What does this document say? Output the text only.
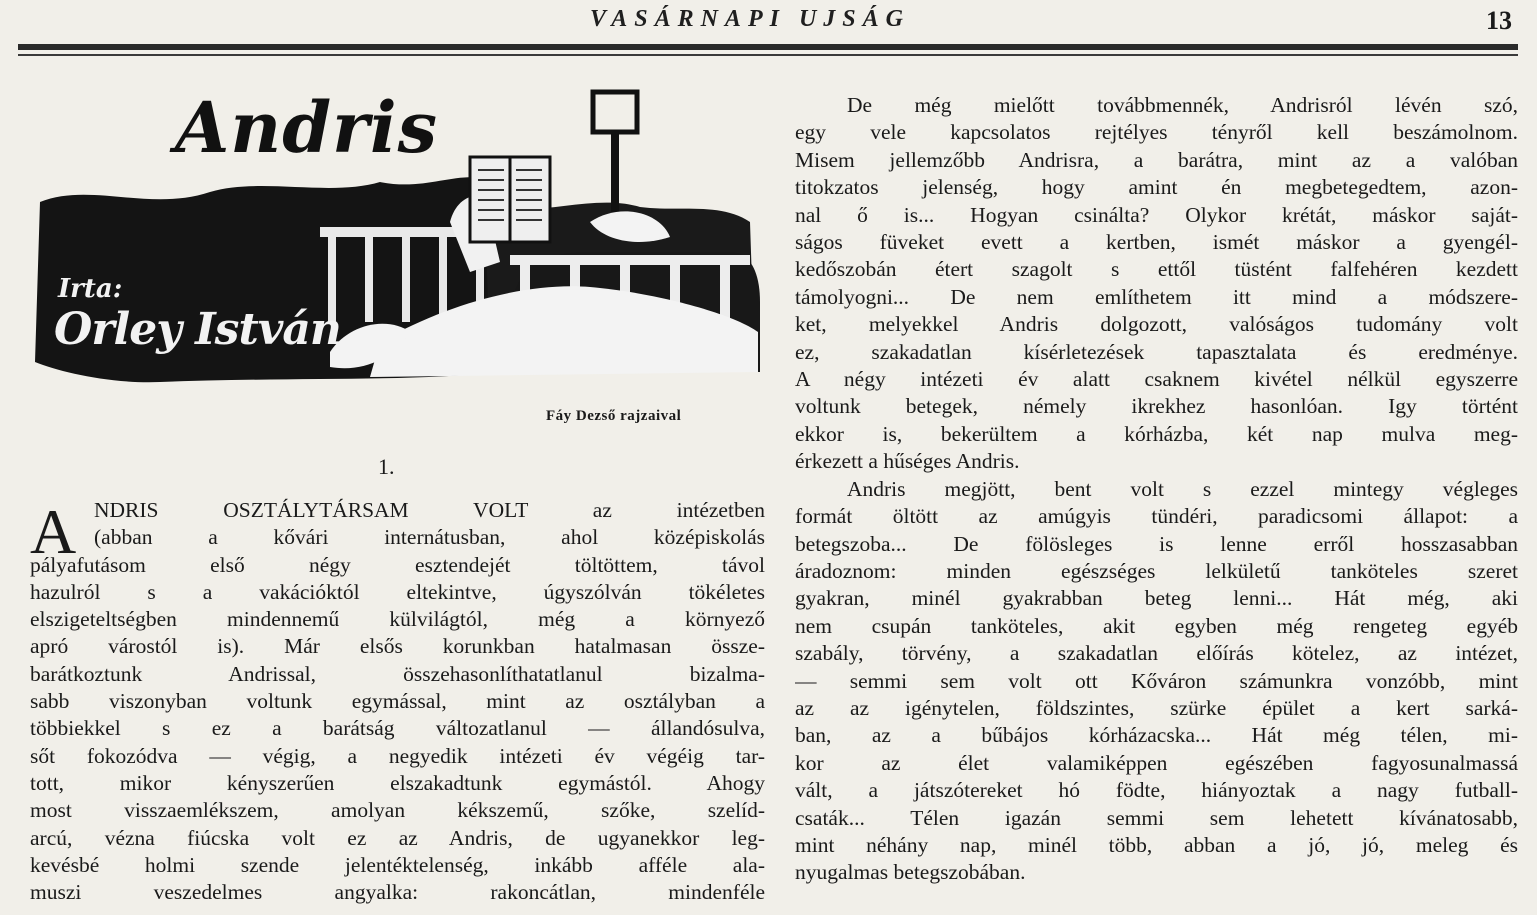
VASÁRNAPI UJSÁG	13
Andris
Irta:
Orley István
Fáy Dezső rajzaival
1.
A NDRIS OSZTÁLYTÁRSAM VOLT az intézetben
(abban a kővári internátusban, ahol középiskolás
pályafutásom első négy esztendejét töltöttem, távol
hazulról s a vakációktól eltekintve, úgyszólván tökéletes
elszigeteltségben mindennemű külvilágtól, még a környező
apró várostól is). Már elsős korunkban hatalmasan össze-
barátkoztunk Andrissal, összehasonlíthatatlanul bizalma-
sabb viszonyban voltunk egymással, mint az osztályban a
többiekkel s ez a barátság változatlanul — állandósulva,
sőt fokozódva — végig, a negyedik intézeti év végéig tar-
tott, mikor kényszerűen elszakadtunk egymástól. Ahogy
most visszaemlékszem, amolyan kékszemű, szőke, szelíd-
arcú, vézna fiúcska volt ez az Andris, de ugyanekkor leg-
kevésbé holmi szende jelentéktelenség, inkább afféle ala-
muszi veszedelmes angyalka: rakoncátlan, mindenféle
De még mielőtt továbbmennék, Andrisról lévén szó,
egy vele kapcsolatos rejtélyes tényről kell beszámolnom.
Misem jellemzőbb Andrisra, a barátra, mint az a valóban
titokzatos jelenség, hogy amint én megbetegedtem, azon-
nal ő is... Hogyan csinálta? Olykor krétát, máskor saját-
ságos füveket evett a kertben, ismét máskor a gyengél-
kedőszobán étert szagolt s ettől tüstént falfehéren kezdett
támolyogni... De nem említhetem itt mind a módszere-
ket, melyekkel Andris dolgozott, valóságos tudomány volt
ez, szakadatlan kísérletezések tapasztalata és eredménye.
A négy intézeti év alatt csaknem kivétel nélkül egyszerre
voltunk betegek, némely ikrekhez hasonlóan. Igy történt
ekkor is, bekerültem a kórházba, két nap mulva meg-
érkezett a hűséges Andris.
Andris megjött, bent volt s ezzel mintegy végleges
formát öltött az amúgyis tündéri, paradicsomi állapot: a
betegszoba... De fölösleges is lenne erről hosszasabban
áradoznom: minden egészséges lelkületű tanköteles szeret
gyakran, minél gyakrabban beteg lenni... Hát még, aki
nem csupán tanköteles, akit egyben még rengeteg egyéb
szabály, törvény, a szakadatlan előírás kötelez, az intézet,
— semmi sem volt ott Kőváron számunkra vonzóbb, mint
az az igénytelen, földszintes, szürke épület a kert sarká-
ban, az a bűbájos kórházacska... Hát még télen, mi-
kor az élet valamiképpen egészében fagyosunalmassá
vált, a játszótereket hó födte, hiányoztak a nagy futball-
csaták... Télen igazán semmi sem lehetett kívánatosabb,
mint néhány nap, minél több, abban a jó, jó, meleg és
nyugalmas betegszobában.
